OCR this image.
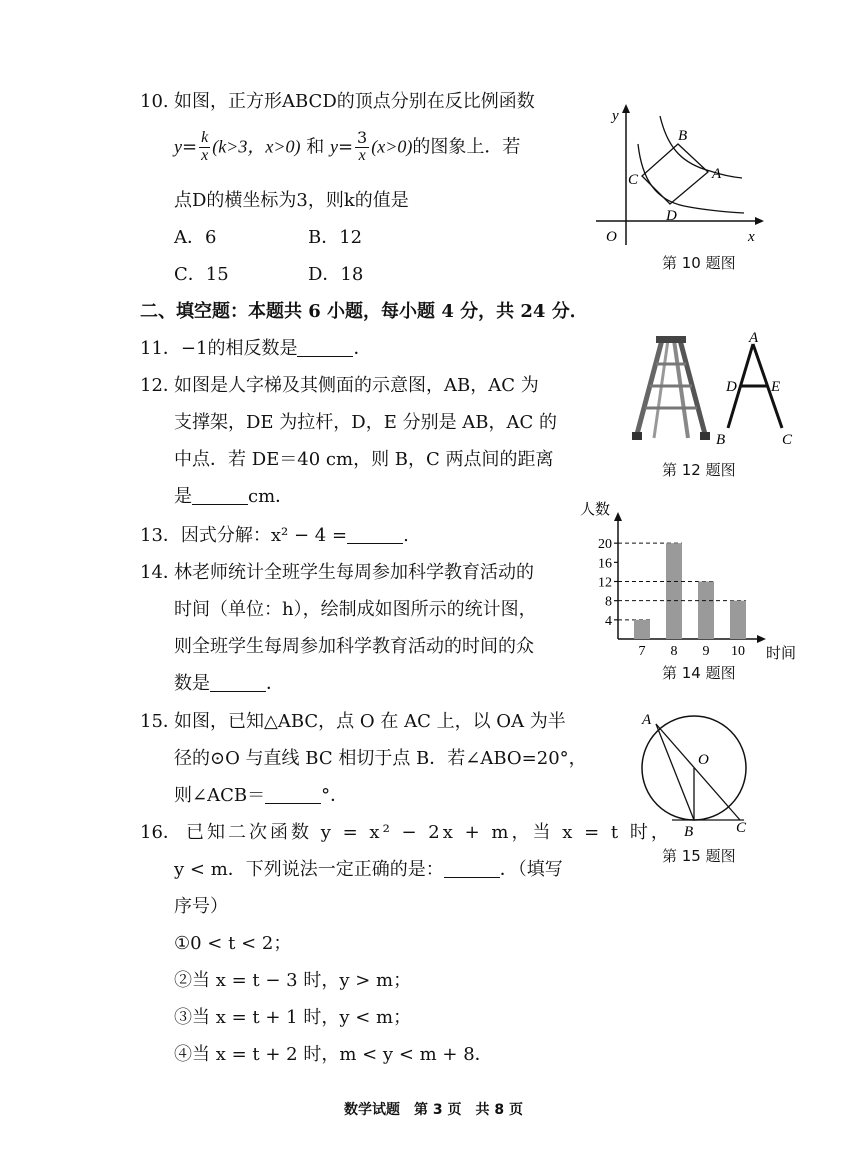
10. 如图，正方形ABCD的顶点分别在反比例函数
$y= \frac{k}{x} (k>3$，x>0) 和 $y= \frac{3}{x} (x>0)$的图象上．若
点D的横坐标为3，则k的值是
A．6	B．12
C．15	D．18
y
x
O
A
B
C
D
第 10 题图
二、填空题：本题共 6 小题，每小题 4 分，共 24 分．
11．−1的相反数是	．
12．
如图是人字梯及其侧面的示意图，AB，AC 为
支撑架，DE 为拉杆，D，E 分别是 AB，AC 的
中点．若 DE＝40 cm，则 B，C 两点间的距离
是	cm．
A
B	C
D E
第 12 题图
13．因式分解：x² − 4 =	.
14．
林老师统计全班学生每周参加科学教育活动的
时间（单位：h），绘制成如图所示的统计图，
则全班学生每周参加科学教育活动的时间的众
数是	．
人数
时间
4
8
12
16
20
7 8 9 10
第 14 题图
15．
如图，已知△ABC，点 O 在 AC 上，以 OA 为半
径的⊙O 与直线 BC 相切于点 B．若∠ABO=20°，
则∠ACB＝	°．
A
O
B	C
第 15 题图
16． 已知二次函数 y = x² − 2x + m，当 x = t 时，
y < m．下列说法一定正确的是：	．（填写
序号）
①0 < t < 2；
②当 x = t − 3 时，y > m；
③当 x = t + 1 时，y < m；
④当 x = t + 2 时，m < y < m + 8．
数学试题　第 3 页　共 8 页
